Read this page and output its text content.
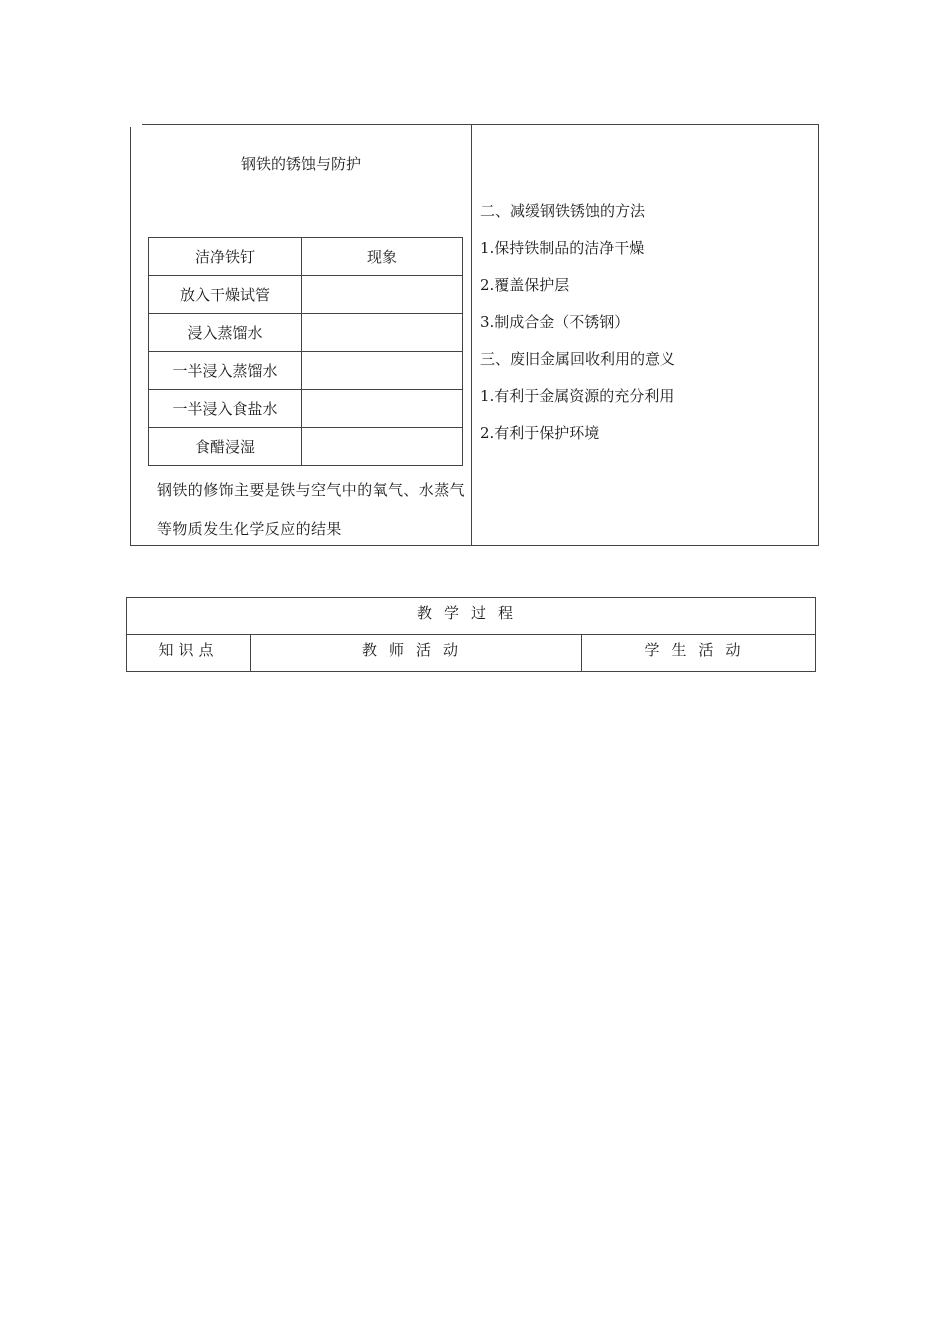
钢铁的锈蚀与防护
洁净铁钉	现象
放入干燥试管	
浸入蒸馏水	
一半浸入蒸馏水	
一半浸入食盐水	
食醋浸湿	
钢铁的修饰主要是铁与空气中的氧气、水蒸气等物质发生化学反应的结果
二、减缓钢铁锈蚀的方法
1.保持铁制品的洁净干燥
2.覆盖保护层
3.制成合金（不锈钢）
三、废旧金属回收利用的意义
1.有利于金属资源的充分利用
2.有利于保护环境
教学过程
知识点	教师活动	学生活动
